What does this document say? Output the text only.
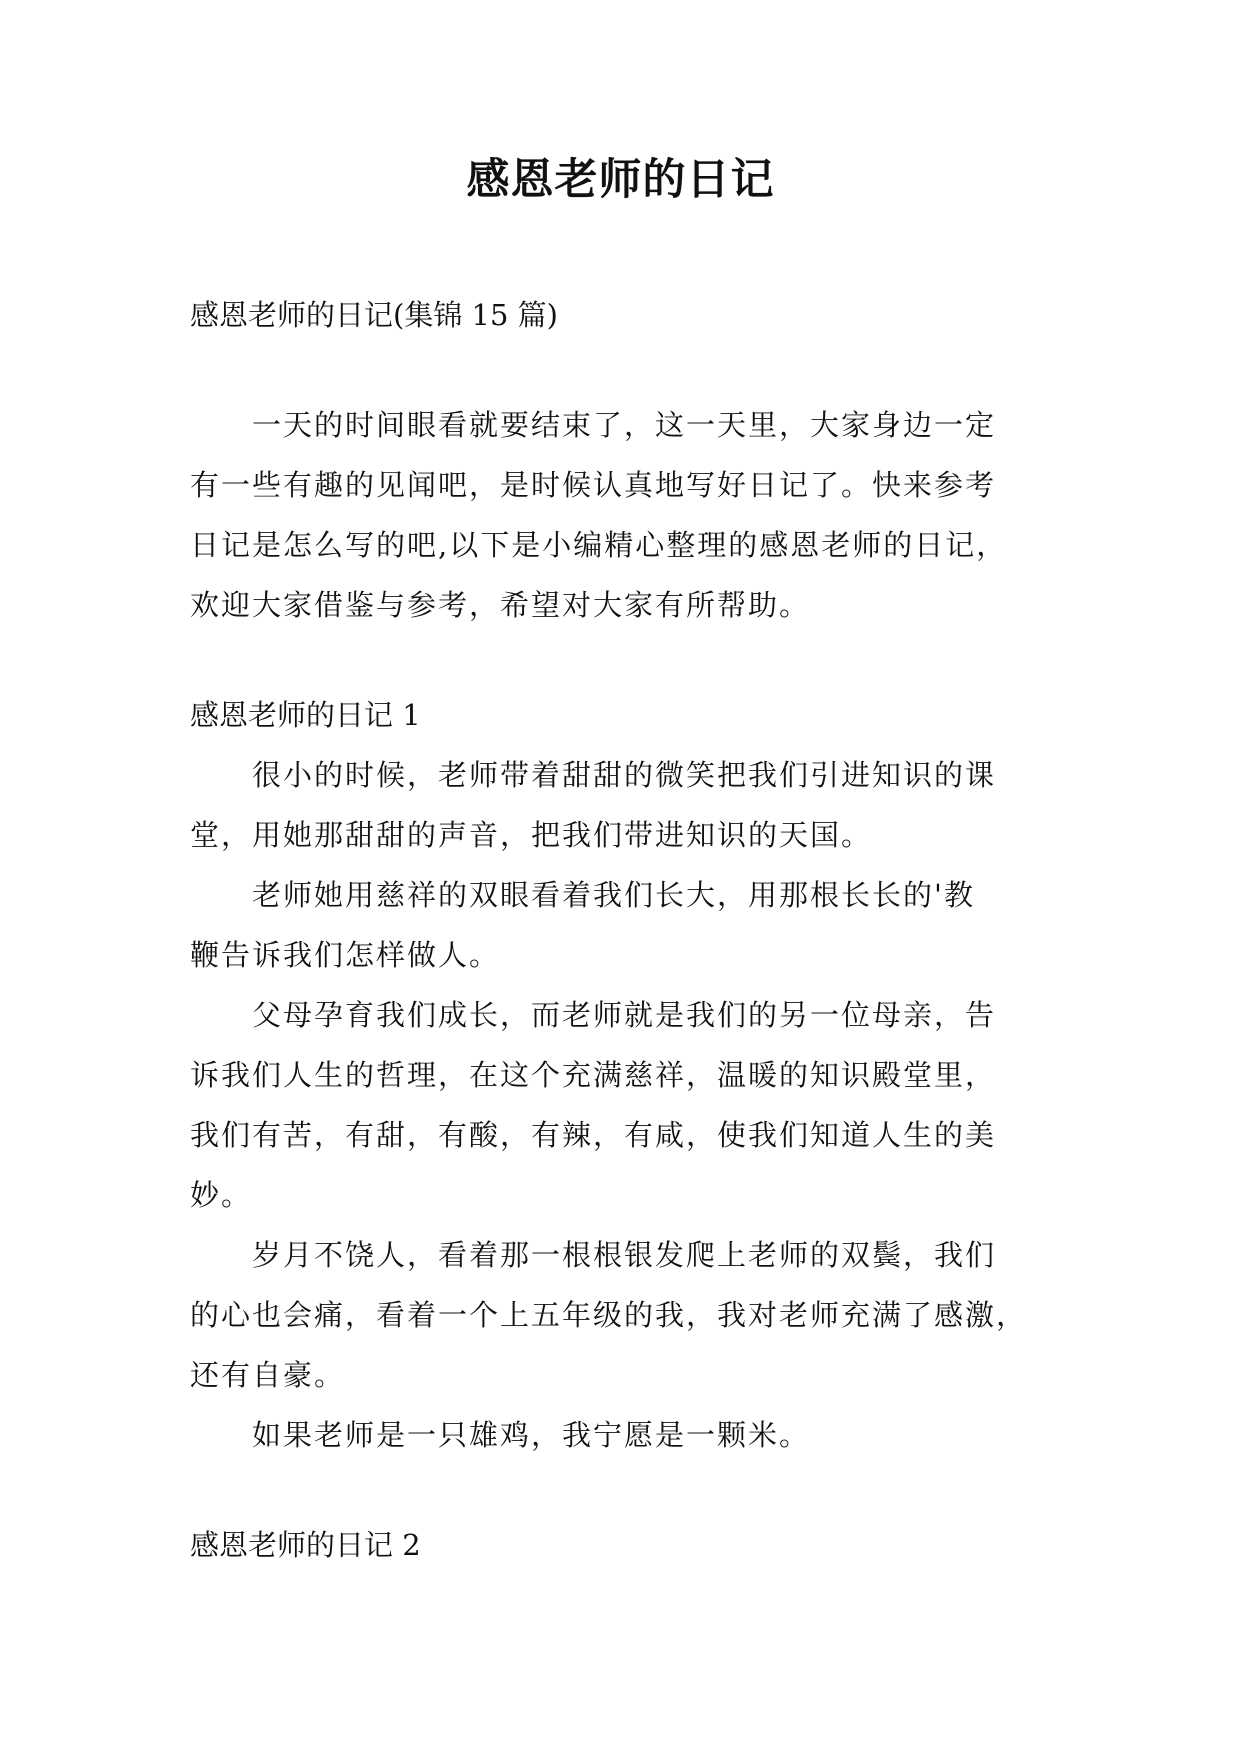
感恩老师的日记
感恩老师的日记(集锦 15 篇)
　　一天的时间眼看就要结束了，这一天里，大家身边一定
有一些有趣的见闻吧，是时候认真地写好日记了。快来参考
日记是怎么写的吧,以下是小编精心整理的感恩老师的日记，
欢迎大家借鉴与参考，希望对大家有所帮助。
感恩老师的日记 1
　　很小的时候，老师带着甜甜的微笑把我们引进知识的课
堂，用她那甜甜的声音，把我们带进知识的天国。
　　老师她用慈祥的双眼看着我们长大，用那根长长的'教
鞭告诉我们怎样做人。
　　父母孕育我们成长，而老师就是我们的另一位母亲，告
诉我们人生的哲理，在这个充满慈祥，温暖的知识殿堂里，
我们有苦，有甜，有酸，有辣，有咸，使我们知道人生的美
妙。
　　岁月不饶人，看着那一根根银发爬上老师的双鬓，我们
的心也会痛，看着一个上五年级的我，我对老师充满了感激，
还有自豪。
　　如果老师是一只雄鸡，我宁愿是一颗米。
感恩老师的日记 2
